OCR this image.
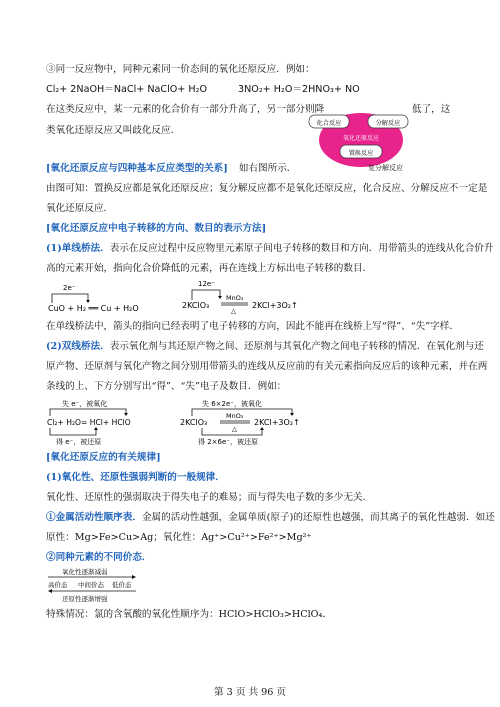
③同一反应物中，同种元素同一价态间的氧化还原反应．例如：
Cl₂+ 2NaOH＝NaCl+ NaClO+ H₂O	3NO₂+ H₂O＝2HNO₃+ NO
在这类反应中，某一元素的化合价有一部分升高了，另一部分则降	低了，这
类氧化还原反应又叫歧化反应．
化合反应	分解反应
氧化还原反应
置换反应
复分解反应
[氧化还原反应与四种基本反应类型的关系] 如右图所示．
由图可知：置换反应都是氧化还原反应；复分解反应都不是氧化还原反应，化合反应、分解反应不一定是
氧化还原反应．
[氧化还原反应中电子转移的方向、数目的表示方法]
(1)单线桥法．表示在反应过程中反应物里元素原子间电子转移的数目和方向．用带箭头的连线从化合价升
高的元素开始，指向化合价降低的元素，再在连线上方标出电子转移的数目．
2e⁻
CuO + H₂ ══ Cu + H₂O
12e⁻
2KClO₃
MnO₂
△
2KCl+3O₂↑
在单线桥法中，箭头的指向已经表明了电子转移的方向，因此不能再在线桥上写“得”、“失”字样．
(2)双线桥法．表示氧化剂与其还原产物之间、还原剂与其氧化产物之间电子转移的情况．在氧化剂与还
原产物、还原剂与氧化产物之间分别用带箭头的连线从反应前的有关元素指向反应后的该种元素，并在两
条线的上、下方分别写出“得”、“失”电子及数目．例如：
失 e⁻，被氧化
Cl₂+ H₂O= HCl+ HClO
得 e⁻，被还原
失 6×2e⁻，被氧化
2KClO₃
MnO₂
△
2KCl+3O₂↑
得 2×6e⁻，被还原
[氧化还原反应的有关规律]
(1)氧化性、还原性强弱判断的一般规律．
氧化性、还原性的强弱取决于得失电子的难易；而与得失电子数的多少无关．
①金属活动性顺序表．金属的活动性越强，金属单质(原子)的还原性也越强，而其离子的氧化性越弱．如还
原性：Mg>Fe>Cu>Ag；氧化性：Ag⁺>Cu²⁺>Fe²⁺>Mg²⁺
②同种元素的不同价态．
氧化性逐渐减弱
高价态 中间价态 低价态
还原性逐渐增强
特殊情况：氯的含氧酸的氧化性顺序为：HClO>HClO₃>HClO₄．
第 3 页 共 96 页
